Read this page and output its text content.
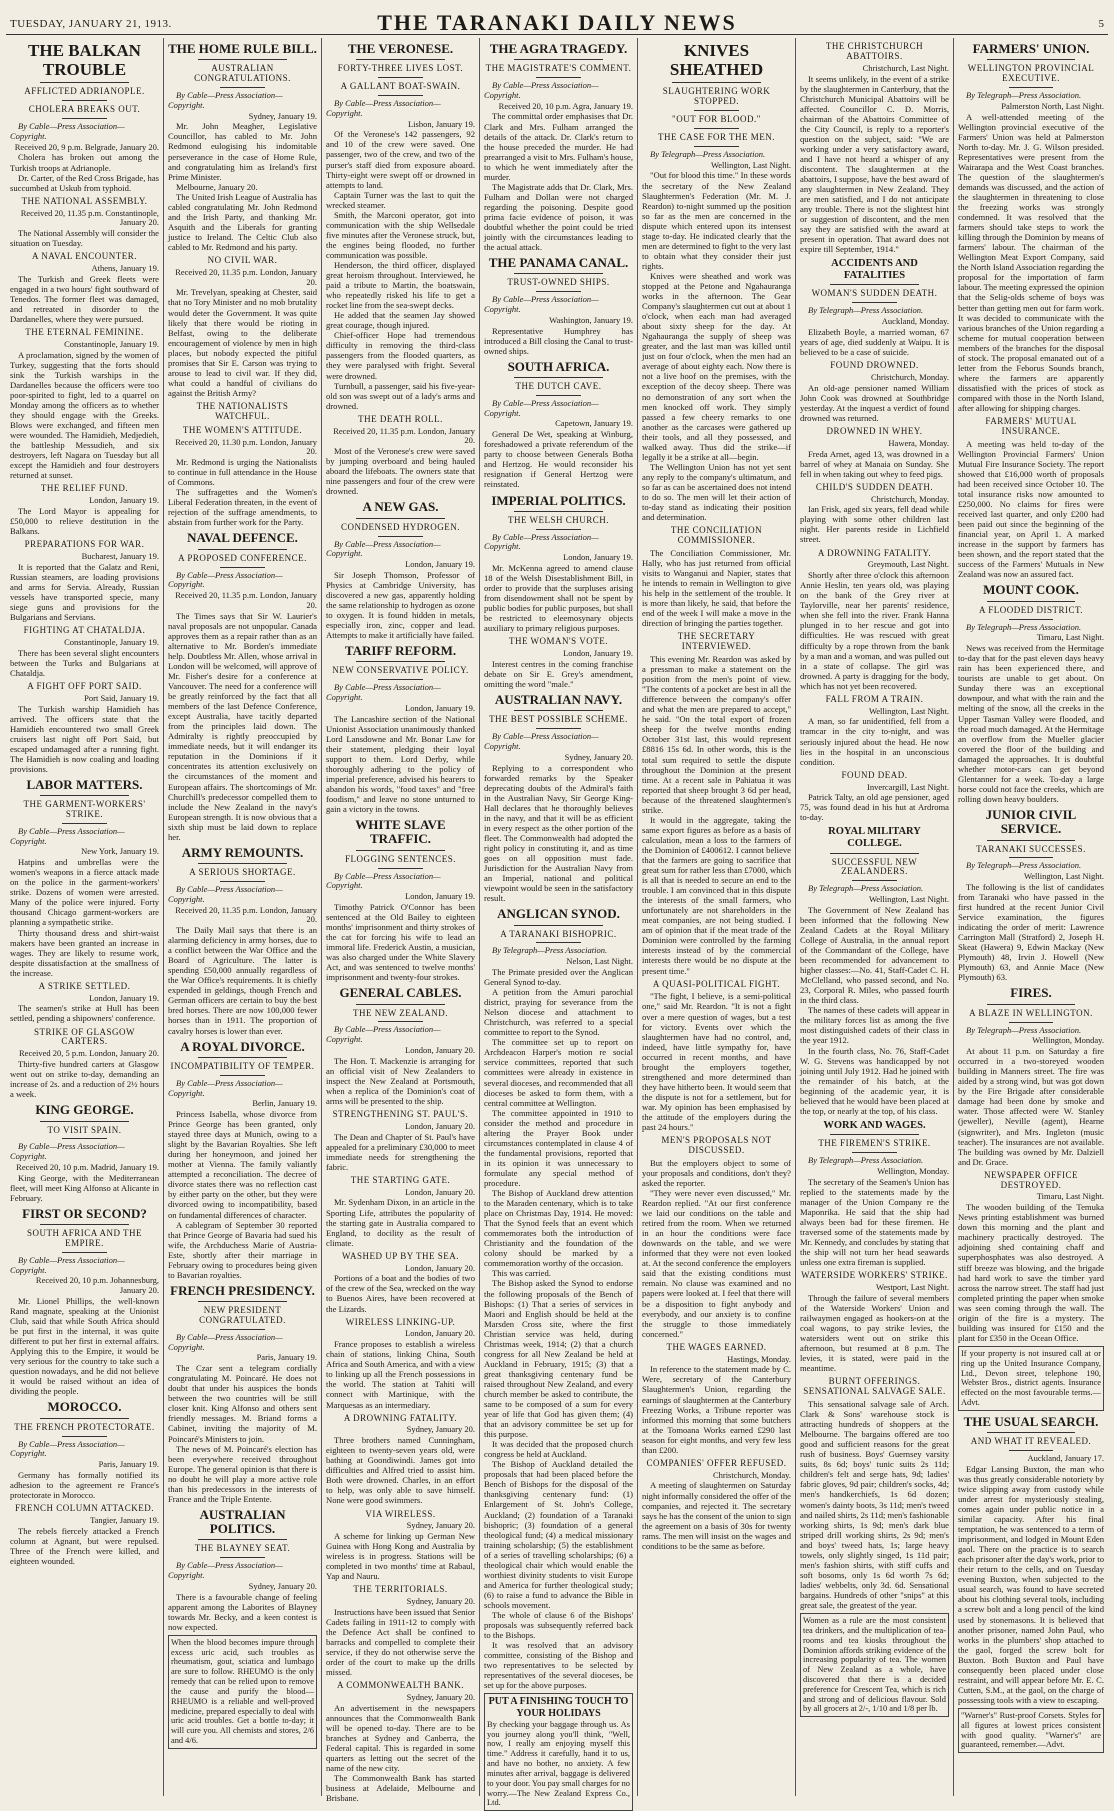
TUESDAY, JANUARY 21, 1913.	THE TARANAKI DAILY NEWS	5
THE BALKAN TROUBLE
AFFLICTED ADRIANOPLE.
CHOLERA BREAKS OUT.
By Cable—Press Association—Copyright.
Received 20, 9 p.m. Belgrade, January 20.

Cholera has broken out among the Turkish troops at Adrianople.

Dr. Carter, of the Red Cross Brigade, has succumbed at Uskub from typhoid.

THE NATIONAL ASSEMBLY.
Received 20, 11.35 p.m. Constantinople, January 20.

The National Assembly will consider the situation on Tuesday.

A NAVAL ENCOUNTER.
Athens, January 19.

The Turkish and Greek fleets were engaged in a two hours' fight southward of Tenedos. The former fleet was damaged, and retreated in disorder to the Dardanelles, where they were pursued.

THE ETERNAL FEMININE.
Constantinople, January 19.

A proclamation, signed by the women of Turkey, suggesting that the forts should sink the Turkish warships in the Dardanelles because the officers were too poor-spirited to fight, led to a quarrel on Monday among the officers as to whether they should engage with the Greeks. Blows were exchanged, and fifteen men were wounded. The Hamidieh, Medjedieh, the battleship Messudieh, and six destroyers, left Nagara on Tuesday but all except the Hamidieh and four destroyers returned at sunset.

THE RELIEF FUND.
London, January 19.

The Lord Mayor is appealing for £50,000 to relieve destitution in the Balkans.

PREPARATIONS FOR WAR.
Bucharest, January 19.

It is reported that the Galatz and Reni, Russian steamers, are loading provisions and arms for Servia. Already, Russian vessels have transported specie, many siege guns and provisions for the Bulgarians and Servians.

FIGHTING AT CHATALDJA.
Constantinople, January 19.

There has been several slight encounters between the Turks and Bulgarians at Chataldja.

A FIGHT OFF PORT SAID.
Port Said, January 19.

The Turkish warship Hamidieh has arrived. The officers state that the Hamidieh encountered two small Greek cruisers last night off Port Said, but escaped undamaged after a running fight. The Hamidieh is now coaling and loading provisions.

LABOR MATTERS.
THE GARMENT-WORKERS' STRIKE.
By Cable—Press Association—Copyright.
New York, January 19.

Hatpins and umbrellas were the women's weapons in a fierce attack made on the police in the garment-workers' strike. Dozens of women were arrested. Many of the police were injured. Forty thousand Chicago garment-workers are planning a sympathetic strike.

Thirty thousand dress and shirt-waist makers have been granted an increase in wages. They are likely to resume work, despite dissatisfaction at the smallness of the increase.

A STRIKE SETTLED.
London, January 19.

The seamen's strike at Hull has been settled, pending a shipowners' conference.

STRIKE OF GLASGOW CARTERS.
Received 20, 5 p.m. London, January 20.

Thirty-five hundred carters at Glasgow went out on strike to-day, demanding an increase of 2s. and a reduction of 2½ hours a week.

KING GEORGE.
TO VISIT SPAIN.
By Cable—Press Association—Copyright.
Received 20, 10 p.m. Madrid, January 19.

King George, with the Mediterranean fleet, will meet King Alfonso at Alicante in February.

FIRST OR SECOND?
SOUTH AFRICA AND THE EMPIRE.
By Cable—Press Association—Copyright.
Received 20, 10 p.m. Johannesburg, January 20.

Mr. Lionel Phillips, the well-known Rand magnate, speaking at the Unionist Club, said that while South Africa should be put first in the internal, it was quite different to put her first in external affairs. Applying this to the Empire, it would be very serious for the country to take such a question nowadays, and he did not believe it would be raised without an idea of dividing the people.

MOROCCO.
THE FRENCH PROTECTORATE.
By Cable—Press Association—Copyright.
Paris, January 19.

Germany has formally notified its adhesion to the agreement re France's protectorate in Morocco.

FRENCH COLUMN ATTACKED.
Tangier, January 19.

The rebels fiercely attacked a French column at Agnant, but were repulsed. Three of the French were killed, and eighteen wounded.

THE HOME RULE BILL.
AUSTRALIAN CONGRATULATIONS.
By Cable—Press Association—Copyright.
Sydney, January 19.

Mr. John Meagher, Legislative Councillor, has cabled to Mr. John Redmond eulogising his indomitable perseverance in the case of Home Rule, and congratulating him as Ireland's first Prime Minister.

Melbourne, January 20.

The United Irish League of Australia has cabled congratulating Mr. John Redmond and the Irish Party, and thanking Mr. Asquith and the Liberals for granting justice to Ireland. The Celtic Club also cabled to Mr. Redmond and his party.

NO CIVIL WAR.
Received 20, 11.35 p.m. London, January 20.

Mr. Trevelyan, speaking at Chester, said that no Tory Minister and no mob brutality would deter the Government. It was quite likely that there would be rioting in Belfast, owing to the deliberate encouragement of violence by men in high places, but nobody expected the pitiful promises that Sir E. Carson was trying to arouse to lead to civil war. If they did, what could a handful of civilians do against the British Army?

THE NATIONALISTS WATCHFUL.
THE WOMEN'S ATTITUDE.
Received 20, 11.30 p.m. London, January 20.

Mr. Redmond is urging the Nationalists to continue in full attendance in the House of Commons.

The suffragettes and the Women's Liberal Federation threaten, in the event of rejection of the suffrage amendments, to abstain from further work for the Party.

NAVAL DEFENCE.
A PROPOSED CONFERENCE.
By Cable—Press Association—Copyright.
Received 20, 11.35 p.m. London, January 20.

The Times says that Sir W. Laurier's naval proposals are not unpopular. Canada approves them as a repair rather than as an alternative to Mr. Borden's immediate help. Doubtless Mr. Allen, whose arrival in London will be welcomed, will approve of Mr. Fisher's desire for a conference at Vancouver. The need for a conference will be greatly reinforced by the fact that all members of the last Defence Conference, except Australia, have tacitly departed from the principles laid down. The Admiralty is rightly preoccupied by immediate needs, but it will endanger its reputation in the Dominions if it concentrates its attention exclusively on the circumstances of the moment and European affairs. The shortcomings of Mr. Churchill's predecessor compelled them to include the New Zealand in the navy's European strength. It is now obvious that a sixth ship must be laid down to replace her.

ARMY REMOUNTS.
A SERIOUS SHORTAGE.
By Cable—Press Association—Copyright.
Received 20, 11.35 p.m. London, January 20.

The Daily Mail says that there is an alarming deficiency in army horses, due to a conflict between the War Office and the Board of Agriculture. The latter is spending £50,000 annually regardless of the War Office's requirements. It is chiefly expended in geldings, though French and German officers are certain to buy the best bred horses. There are now 100,000 fewer horses than in 1911. The proportion of cavalry horses is lower than ever.

A ROYAL DIVORCE.
INCOMPATIBILITY OF TEMPER.
By Cable—Press Association—Copyright.
Berlin, January 19.

Princess Isabella, whose divorce from Prince George has been granted, only stayed three days at Munich, owing to a slight by the Bavarian Royalties. She left during her honeymoon, and joined her mother at Vienna. The family valiantly attempted a reconciliation. The decree of divorce states there was no reflection cast by either party on the other, but they were divorced owing to incompatibility, based on fundamental differences of character.

A cablegram of September 30 reported that Prince George of Bavaria had sued his wife, the Archduchess Marie of Austria-Este, shortly after their marriage in February owing to procedures being given to Bavarian royalties.

FRENCH PRESIDENCY.
NEW PRESIDENT CONGRATULATED.
By Cable—Press Association—Copyright.
Paris, January 19.

The Czar sent a telegram cordially congratulating M. Poincaré. He does not doubt that under his auspices the bonds between the two countries will be still closer knit. King Alfonso and others sent friendly messages. M. Briand forms a Cabinet, inviting the majority of M. Poincaré's Ministers to join.

The news of M. Poincaré's election has been everywhere received throughout Europe. The general opinion is that there is no doubt he will play a more active role than his predecessors in the interests of France and the Triple Entente.

AUSTRALIAN POLITICS.
THE BLAYNEY SEAT.
By Cable—Press Association—Copyright.
Sydney, January 20.

There is a favourable change of feeling apparent among the Laborites of Blayney towards Mr. Becky, and a keen contest is now expected.

When the blood becomes impure through excess uric acid, such troubles as rheumatism, gout, sciatica and lumbago are sure to follow. RHEUMO is the only remedy that can be relied upon to remove the cause and purify the blood—RHEUMO is a reliable and well-proved medicine, prepared especially to deal with uric acid troubles. Get a bottle to-day; it will cure you. All chemists and stores, 2/6 and 4/6.
THE VERONESE.
FORTY-THREE LIVES LOST.
A GALLANT BOAT-SWAIN.
By Cable—Press Association—Copyright.
Lisbon, January 19.

Of the Veronese's 142 passengers, 92 and 10 of the crew were saved. One passenger, two of the crew, and two of the purser's staff died from exposure aboard. Thirty-eight were swept off or drowned in attempts to land.

Captain Turner was the last to quit the wrecked steamer.

Smith, the Marconi operator, got into communication with the ship Wellsedale five minutes after the Veronese struck, but, the engines being flooded, no further communication was possible.

Henderson, the third officer, displayed great heroism throughout. Interviewed, he paid a tribute to Martin, the boatswain, who repeatedly risked his life to get a rocket line from the sea-swept decks.

He added that the seamen Jay showed great courage, though injured.

Chief-officer Hope had tremendous difficulty in removing the third-class passengers from the flooded quarters, as they were paralysed with fright. Several were drowned.

Turnbull, a passenger, said his five-year-old son was swept out of a lady's arms and drowned.

THE DEATH ROLL.
Received 20, 11.35 p.m. London, January 20.

Most of the Veronese's crew were saved by jumping overboard and being hauled aboard the lifeboats. The owners state that nine passengers and four of the crew were drowned.

A NEW GAS.
CONDENSED HYDROGEN.
By Cable—Press Association—Copyright.
London, January 19.

Sir Joseph Thomson, Professor of Physics at Cambridge University, has discovered a new gas, apparently holding the same relationship to hydrogen as ozone to oxygen. It is found hidden in metals, especially iron, zinc, copper and lead. Attempts to make it artificially have failed.

TARIFF REFORM.
NEW CONSERVATIVE POLICY.
By Cable—Press Association—Copyright.
London, January 19.

The Lancashire section of the National Unionist Association unanimously thanked Lord Lansdowne and Mr. Bonar Law for their statement, pledging their loyal support to them. Lord Derby, while thoroughly adhering to the policy of imperial preference, advised his hearers to abandon his words, "food taxes" and "free foodism," and leave no stone unturned to gain a victory in the towns.

WHITE SLAVE TRAFFIC.
FLOGGING SENTENCES.
By Cable—Press Association—Copyright.
London, January 19.

Timothy Patrick O'Connor has been sentenced at the Old Bailey to eighteen months' imprisonment and thirty strokes of the cat for forcing his wife to lead an immoral life. Frederick Austin, a musician, was also charged under the White Slavery Act, and was sentenced to twelve months' imprisonment and twenty-four strokes.

GENERAL CABLES.
THE NEW ZEALAND.
By Cable—Press Association—Copyright.
London, January 20.

The Hon. T. Mackenzie is arranging for an official visit of New Zealanders to inspect the New Zealand at Portsmouth, when a replica of the Dominion's coat of arms will be presented to the ship.

STRENGTHENING ST. PAUL'S.
London, January 20.

The Dean and Chapter of St. Paul's have appealed for a preliminary £30,000 to meet immediate needs for strengthening the fabric.

THE STARTING GATE.
London, January 20.

Mr. Sydenham Dixon, in an article in the Sporting Life, attributes the popularity of the starting gate in Australia compared to England, to docility as the result of climate.

WASHED UP BY THE SEA.
London, January 20.

Portions of a boat and the bodies of two of the crew of the Sea, wrecked on the way to Buenos Aires, have been recovered at the Lizards.

WIRELESS LINKING-UP.
London, January 20.

France proposes to establish a wireless chain of stations, linking China, South Africa and South America, and with a view to linking up all the French possessions in the world. The station at Tahiti will connect with Martinique, with the Marquesas as an intermediary.

A DROWNING FATALITY.
Sydney, January 20.

Three brothers named Cunningham, eighteen to twenty-seven years old, were bathing at Goondiwindi. James got into difficulties and Alfred tried to assist him. Both were drowned. Charles, in an effort to help, was only able to save himself. None were good swimmers.

VIA WIRELESS.
Sydney, January 20.

A scheme for linking up German New Guinea with Hong Kong and Australia by wireless is in progress. Stations will be completed in two months' time at Rabaul, Yap and Nauru.

THE TERRITORIALS.
Sydney, January 20.

Instructions have been issued that Senior Cadets failing in 1911-12 to comply with the Defence Act shall be confined to barracks and compelled to complete their service, if they do not otherwise serve the order of the court to make up the drills missed.

A COMMONWEALTH BANK.
Sydney, January 20.

An advertisement in the newspapers announces that the Commonwealth Bank will be opened to-day. There are to be branches at Sydney and Canberra, the Federal capital. This is regarded in some quarters as letting out the secret of the name of the new city.

The Commonwealth Bank has started business at Adelaide, Melbourne and Brisbane.

THE AGRA TRAGEDY.
THE MAGISTRATE'S COMMENT.
By Cable—Press Association—Copyright.
Received 20, 10 p.m. Agra, January 19.

The committal order emphasises that Dr. Clark and Mrs. Fulham arranged the details of the attack. Dr. Clark's return to the house preceded the murder. He had prearranged a visit to Mrs. Fulham's house, to which he went immediately after the murder.

The Magistrate adds that Dr. Clark, Mrs. Fulham and Dollan were not charged regarding the poisoning. Despite good prima facie evidence of poison, it was doubtful whether the point could be tried jointly with the circumstances leading to the actual attack.

THE PANAMA CANAL.
TRUST-OWNED SHIPS.
By Cable—Press Association—Copyright.
Washington, January 19.

Representative Humphrey has introduced a Bill closing the Canal to trust-owned ships.

SOUTH AFRICA.
THE DUTCH CAVE.
By Cable—Press Association—Copyright.
Capetown, January 19.

General De Wet, speaking at Winburg, foreshadowed a private referendum of the party to choose between Generals Botha and Hertzog. He would reconsider his resignation if General Hertzog were reinstated.

IMPERIAL POLITICS.
THE WELSH CHURCH.
By Cable—Press Association—Copyright.
London, January 19.

Mr. McKenna agreed to amend clause 18 of the Welsh Disestablishment Bill, in order to provide that the surpluses arising from disendowment shall not be spent by public bodies for public purposes, but shall be restricted to eleemosynary objects auxiliary to primary religious purposes.

THE WOMAN'S VOTE.
London, January 19.

Interest centres in the coming franchise debate on Sir E. Grey's amendment, omitting the word "male."

AUSTRALIAN NAVY.
THE BEST POSSIBLE SCHEME.
By Cable—Press Association—Copyright.
Sydney, January 20.

Replying to a correspondent who forwarded remarks by the Speaker deprecating doubts of the Admiral's faith in the Australian Navy, Sir George King-Hall declares that he thoroughly believes in the navy, and that it will be as efficient in every respect as the other portion of the fleet. The Commonwealth had adopted the right policy in constituting it, and as time goes on all opposition must fade. Jurisdiction for the Australian Navy from an Imperial, national and political viewpoint would be seen in the satisfactory result.

ANGLICAN SYNOD.
A TARANAKI BISHOPRIC.
By Telegraph—Press Association.
Nelson, Last Night.

The Primate presided over the Anglican General Synod to-day.

A petition from the Amuri parochial district, praying for severance from the Nelson diocese and attachment to Christchurch, was referred to a special committee to report to the Synod.

The committee set up to report on Archdeacon Harper's motion re social service committees, reported that such committees were already in existence in several dioceses, and recommended that all dioceses be asked to form them, with a central committee at Wellington.

The committee appointed in 1910 to consider the method and procedure in altering the Prayer Book under circumstances contemplated in clause 4 of the fundamental provisions, reported that in its opinion it was unnecessary to formulate any special method of procedure.

The Bishop of Auckland drew attention to the Maraden centenary, which is to take place on Christmas Day, 1914. He moved: That the Synod feels that an event which commemorates both the introduction of Christianity and the foundation of the colony should be marked by a commemoration worthy of the occasion.

This was carried.

The Bishop asked the Synod to endorse the following proposals of the Bench of Bishops: (1) That a series of services in Maori and English should be held at the Marsden Cross site, where the first Christian service was held, during Christmas week, 1914; (2) that a church congress for all New Zealand be held at Auckland in February, 1915; (3) that a great thanksgiving centenary fund be raised throughout New Zealand, and every church member be asked to contribute, the same to be composed of a sum for every year of life that God has given them; (4) that an advisory committee be set up for this purpose.

It was decided that the proposed church congress be held at Auckland.

The Bishop of Auckland detailed the proposals that had been placed before the Bench of Bishops for the disposal of the thanksgiving centenary fund: (1) Enlargement of St. John's College, Auckland; (2) foundation of a Taranaki bishopric; (3) foundation of a general theological fund; (4) a medical missionary training scholarship; (5) the establishment of a series of travelling scholarships; (6) a theological chair which would enable the worthiest divinity students to visit Europe and America for further theological study; (6) to raise a fund to advance the Bible in schools movement.

The whole of clause 6 of the Bishops' proposals was subsequently referred back to the Bishops.

It was resolved that an advisory committee, consisting of the Bishop and two representatives to be selected by representatives of the several dioceses, be set up for the above purposes.

PUT A FINISHING TOUCH TO YOUR HOLIDAYS
By checking your baggage through us. As you journey along you'll think, "Well, now, I really am enjoying myself this time." Address it carefully, hand it to us, and have no bother, no anxiety. A few minutes after arrival, baggage is delivered to your door. You pay small charges for no worry.—The New Zealand Express Co., Ltd.
KNIVES SHEATHED
SLAUGHTERING WORK STOPPED.
"OUT FOR BLOOD."
THE CASE FOR THE MEN.
By Telegraph—Press Association.
Wellington, Last Night.

"Out for blood this time." In these words the secretary of the New Zealand Slaughtermen's Federation (Mr. M. J. Reardon) to-night summed up the position so far as the men are concerned in the dispute which entered upon its intensest stage to-day. He indicated clearly that the men are determined to fight to the very last to obtain what they consider their just rights.

Knives were sheathed and work was stopped at the Petone and Ngahauranga works in the afternoon. The Gear Company's slaughtermen cut out at about 1 o'clock, when each man had averaged about sixty sheep for the day. At Ngahauranga the supply of sheep was greater, and the last man was killed until just on four o'clock, when the men had an average of about eighty each. Now there is not a live hoof on the premises, with the exception of the decoy sheep. There was no demonstration of any sort when the men knocked off work. They simply passed a few cheery remarks to one another as the carcases were gathered up their tools, and all they possessed, and walked away. Thus did the strike—if legally it be a strike at all—begin.

The Wellington Union has not yet sent any reply to the company's ultimatum, and so far as can be ascertained does not intend to do so. The men will let their action of to-day stand as indicating their position and determination.

THE CONCILIATION COMMISSIONER.

The Conciliation Commissioner, Mr. Hally, who has just returned from official visits to Wanganui and Napier, states that he intends to remain in Wellington to give his help in the settlement of the trouble. It is more than likely, he said, that before the end of the week I will make a move in the direction of bringing the parties together.

THE SECRETARY INTERVIEWED.

This evening Mr. Reardon was asked by a pressman to make a statement on the position from the men's point of view. "The contents of a pocket are best in all the difference between the company's offer and what the men are prepared to accept," he said. "On the total export of frozen sheep for the twelve months ending October 31st last, this would represent £8816 15s 6d. In other words, this is the total sum required to settle the dispute throughout the Dominion at the present time. At a recent sale in Pahiatua it was reported that sheep brought 3 6d per head, because of the threatened slaughtermen's strike.

It would in the aggregate, taking the same export figures as before as a basis of calculation, mean a loss to the farmers of the Dominion of £400612. I cannot believe that the farmers are going to sacrifice that great sum for rather less than £7000, which is all that is needed to secure an end to the trouble. I am convinced that in this dispute the interests of the small farmers, who unfortunately are not shareholders in the meat companies, are not being studied. I am of opinion that if the meat trade of the Dominion were controlled by the farming interests instead of by the commercial interests there would be no dispute at the present time."

A QUASI-POLITICAL FIGHT.

"The fight, I believe, is a semi-political one," said Mr. Reardon. "It is not a fight over a mere question of wages, but a test for victory. Events over which the slaughtermen have had no control, and, indeed, have little sympathy for, have occurred in recent months, and have brought the employers together, strengthened and more determined than they have hitherto been. It would seem that the dispute is not for a settlement, but for war. My opinion has been emphasised by the attitude of the employers during the past 24 hours."

MEN'S PROPOSALS NOT DISCUSSED.

But the employers object to some of your proposals and conditions, don't they? asked the reporter.

"They were never even discussed," Mr. Reardon replied. "At our first conference we laid our conditions on the table and retired from the room. When we returned in an hour the conditions were face downwards on the table, and we were informed that they were not even looked at. At the second conference the employers said that the existing conditions must remain. No clause was examined and no papers were looked at. I feel that there will be a disposition to fight anybody and everybody, and our anxiety is to confine the struggle to those immediately concerned."

THE WAGES EARNED.
Hastings, Monday.

In reference to the statement made by C. Were, secretary of the Canterbury Slaughtermen's Union, regarding the earnings of slaughtermen at the Canterbury Freezing Works, a Tribune reporter was informed this morning that some butchers at the Tomoana Works earned £290 last season for eight months, and very few less than £200.

COMPANIES' OFFER REFUSED.
Christchurch, Monday.

A meeting of slaughtermen on Saturday night informally considered the offer of the companies, and rejected it. The secretary says he has the consent of the union to sign the agreement on a basis of 30s for twenty rams. The men will insist on the wages and conditions to be the same as before.

THE CHRISTCHURCH ABATTOIRS.
Christchurch, Last Night.

It seems unlikely, in the event of a strike by the slaughtermen in Canterbury, that the Christchurch Municipal Abattoirs will be affected. Councillor C. D. Morris, chairman of the Abattoirs Committee of the City Council, is reply to a reporter's question on the subject, said: "We are working under a very satisfactory award, and I have not heard a whisper of any discontent. The slaughtermen at the abattoirs, I suppose, have the best award of any slaughtermen in New Zealand. They are men satisfied, and I do not anticipate any trouble. There is not the slightest hint or suggestion of discontent, and the men say they are satisfied with the award at present in operation. That award does not expire till September, 1914."

ACCIDENTS AND FATALITIES
WOMAN'S SUDDEN DEATH.
By Telegraph—Press Association.
Auckland, Monday.

Elizabeth Boyle, a married woman, 67 years of age, died suddenly at Waipu. It is believed to be a case of suicide.

FOUND DROWNED.
Christchurch, Monday.

An old-age pensioner named William John Cook was drowned at Southbridge yesterday. At the inquest a verdict of found drowned was returned.

DROWNED IN WHEY.
Hawera, Monday.

Freda Arnet, aged 13, was drowned in a barrel of whey at Manaia on Sunday. She fell in when taking out whey to feed pigs.

CHILD'S SUDDEN DEATH.
Christchurch, Monday.

Ian Frisk, aged six years, fell dead while playing with some other children last night. Her parents reside in Lichfield street.

A DROWNING FATALITY.
Greymouth, Last Night.

Shortly after three o'clock this afternoon Annie Heslin, ten years old, was playing on the bank of the Grey river at Taylorville, near her parents' residence, when she fell into the river. Frank Hanna plunged in to her rescue and got into difficulties. He was rescued with great difficulty by a rope thrown from the bank by a man and a woman, and was pulled out in a state of collapse. The girl was drowned. A party is dragging for the body, which has not yet been recovered.

FALL FROM A TRAIN.
Wellington, Last Night.

A man, so far unidentified, fell from a tramcar in the city to-night, and was seriously injured about the head. He now lies in the hospital in an unconscious condition.

FOUND DEAD.
Invercargill, Last Night.

Patrick Talty, an old age pensioner, aged 75, was found dead in his hut at Ardroma to-day.

ROYAL MILITARY COLLEGE.
SUCCESSFUL NEW ZEALANDERS.
By Telegraph—Press Association.
Wellington, Last Night.

The Government of New Zealand has been informed that the following New Zealand Cadets at the Royal Military College of Australia, in the annual report of the Commandant of the College, have been recommended for advancement to higher classes:—No. 41, Staff-Cadet C. H. McClelland, who passed second, and No. 23, Corporal R. Miles, who passed fourth in the third class.

The names of these cadets will appear in the military forces list as among the five most distinguished cadets of their class in the year 1912.

In the fourth class, No. 76, Staff-Cadet W. G. Stevens was handicapped by not joining until July 1912. Had he joined with the remainder of his batch, at the beginning of the academic year, it is believed that he would have been placed at the top, or nearly at the top, of his class.

WORK AND WAGES.
THE FIREMEN'S STRIKE.
By Telegraph—Press Association.
Wellington, Monday.

The secretary of the Seamen's Union has replied to the statements made by the manager of the Union Company re the Maponrika. He said that the ship had always been bad for these firemen. He traversed some of the statements made by Mr. Kennedy, and concludes by stating that the ship will not turn her head seawards unless one extra fireman is supplied.

WATERSIDE WORKERS' STRIKE.
Westport, Last Night.

Through the failure of several members of the Waterside Workers' Union and railwaymen engaged as hookers-on at the coal wagons, to pay strike levies, the watersiders went out on strike this afternoon, but resumed at 8 p.m. The levies, it is stated, were paid in the meantime.

BURNT OFFERINGS. SENSATIONAL SALVAGE SALE.

This sensational salvage sale of Arch. Clark & Sons' warehouse stock is attracting hundreds of shoppers at the Melbourne. The bargains offered are too good and sufficient reasons for the great rush of business. Boys' Guernsey varsity suits, 8s 6d; boys' tunic suits 2s 11d; children's felt and serge hats, 9d; ladies' fabric gloves, 9d pair; children's socks, 4d; men's handkerchiefs, 1s 6d dozen; women's dainty boots, 3s 11d; men's tweed and nailed shirts, 2s 11d; men's fashionable working shirts, 1s 9d; men's dark blue striped drill working shirts, 2s 9d; men's and boys' tweed hats, 1s; large heavy towels, only slightly singed, 1s 11d pair; men's fashion shirts, with stiff cuffs and soft bosoms, only 1s 6d worth 7s 6d; ladies' webbelts, only 3d. 6d. Sensational bargains. Hundreds of other "snips" at this great sale, the greatest of the year.

Women as a rule are the most consistent tea drinkers, and the multiplication of tea-rooms and tea kiosks throughout the Dominion affords striking evidence of the increasing popularity of tea. The women of New Zealand as a whole, have discovered that there is a decided preference for Crescent Tea, which is rich and strong and of delicious flavour. Sold by all grocers at 2/-, 1/10 and 1/8 per lb.
FARMERS' UNION.
WELLINGTON PROVINCIAL EXECUTIVE.
By Telegraph—Press Association.
Palmerston North, Last Night.

A well-attended meeting of the Wellington provincial executive of the Farmers' Union was held at Palmerston North to-day. Mr. J. G. Wilson presided. Representatives were present from the Wairarapa and the West Coast branches. The question of the slaughtermen's demands was discussed, and the action of the slaughtermen in threatening to close the freezing works was strongly condemned. It was resolved that the farmers should take steps to work the killing through the Dominion by means of farmers' labour. The chairman of the Wellington Meat Export Company, said the North Island Association regarding the proposal for the importation of farm labour. The meeting expressed the opinion that the Selig-olds scheme of boys was better than getting men out for farm work. It was decided to communicate with the various branches of the Union regarding a scheme for mutual cooperation between members of the branches for the disposal of stock. The proposal emanated out of a letter from the Feborus Sounds branch, where the farmers are apparently dissatisfied with the prices of stock as compared with those in the North Island, after allowing for shipping charges.

FARMERS' MUTUAL INSURANCE.

A meeting was held to-day of the Wellington Provincial Farmers' Union Mutual Fire Insurance Society. The report showed that £16,000 worth of proposals had been received since October 10. The total insurance risks now amounted to £250,000. No claims for fires were received last quarter, and only £200 had been paid out since the beginning of the financial year, on April 1. A marked increase in the support by farmers has been shown, and the report stated that the success of the Farmers' Mutuals in New Zealand was now an assured fact.

MOUNT COOK.
A FLOODED DISTRICT.
By Telegraph—Press Association.
Timaru, Last Night.

News was received from the Hermitage to-day that for the past eleven days heavy rain has been experienced there, and tourists are unable to get about. On Sunday there was an exceptional downpour, and what with the rain and the melting of the snow, all the creeks in the Upper Tasman Valley were flooded, and the road much damaged. At the Hermitage an overflow from the Mueller glacier covered the floor of the building and damaged the approaches. It is doubtful whether motor-cars can get beyond Glentanner for a week. To-day a large horse could not face the creeks, which are rolling down heavy boulders.

JUNIOR CIVIL SERVICE.
TARANAKI SUCCESSES.
By Telegraph—Press Association.
Wellington, Last Night.

The following is the list of candidates from Taranaki who have passed in the first hundred at the recent Junior Civil Service examination, the figures indicating the order of merit: Lawrence Carrington Mall (Stratford) 2, Joseph H. Skeat (Hawera) 9, Edwin Mackay (New Plymouth) 48, Irvin J. Howell (New Plymouth) 63, and Annie Mace (New Plymouth) 63.

FIRES.
A BLAZE IN WELLINGTON.
By Telegraph—Press Association.
Wellington, Monday.

At about 11 p.m. on Saturday a fire occurred in a two-storeyed wooden building in Manners street. The fire was aided by a strong wind, but was got down by the Fire Brigade after considerable damage had been done by smoke and water. Those affected were W. Stanley (jeweller), Neville (agent), Hearne (signwriter), and Mrs. Ingleton (music teacher). The insurances are not available. The building was owned by Mr. Dalziell and Dr. Grace.

NEWSPAPER OFFICE DESTROYED.
Timaru, Last Night.

The wooden building of the Temuka News printing establishment was burned down this morning and the plant and machinery practically destroyed. The adjoining shed containing chaff and superphosphates was also destroyed. A stiff breeze was blowing, and the brigade had hard work to save the timber yard across the narrow street. The staff had just completed printing the paper when smoke was seen coming through the wall. The origin of the fire is a mystery. The building was insured for £150 and the plant for £350 in the Ocean Office.

If your property is not insured call at or ring up the United Insurance Company, Ltd., Devon street, telephone 190, Webster Bros., district agents. Insurance effected on the most favourable terms.—Advt.
THE USUAL SEARCH.
AND WHAT IT REVEALED.
Auckland, January 17.

Edgar Lansing Buxton, the man who was thus greatly considerable notoriety by twice slipping away from custody while under arrest for mysteriously stealing, comes again under public notice in a similar capacity. After his final temptation, he was sentenced to a term of imprisonment, and lodged in Mount Eden gaol. There on the practice is to search each prisoner after the day's work, prior to their return to the cells, and on Tuesday evening Buxton, when subjected to the usual search, was found to have secreted about his clothing several tools, including a screw bolt and a long pencil of the kind used by stonemasons. It is believed that another prisoner, named John Paul, who works in the plumbers' shop attached to the gaol, forged the screw bolt for Buxton. Both Buxton and Paul have consequently been placed under close restraint, and will appear before Mr. E. C. Cutten, S.M., at the gaol, on the charge of possessing tools with a view to escaping.

"Warner's" Rust-proof Corsets. Styles for all figures at lowest prices consistent with good quality. "Warner's" are guaranteed, remember.—Advt.
